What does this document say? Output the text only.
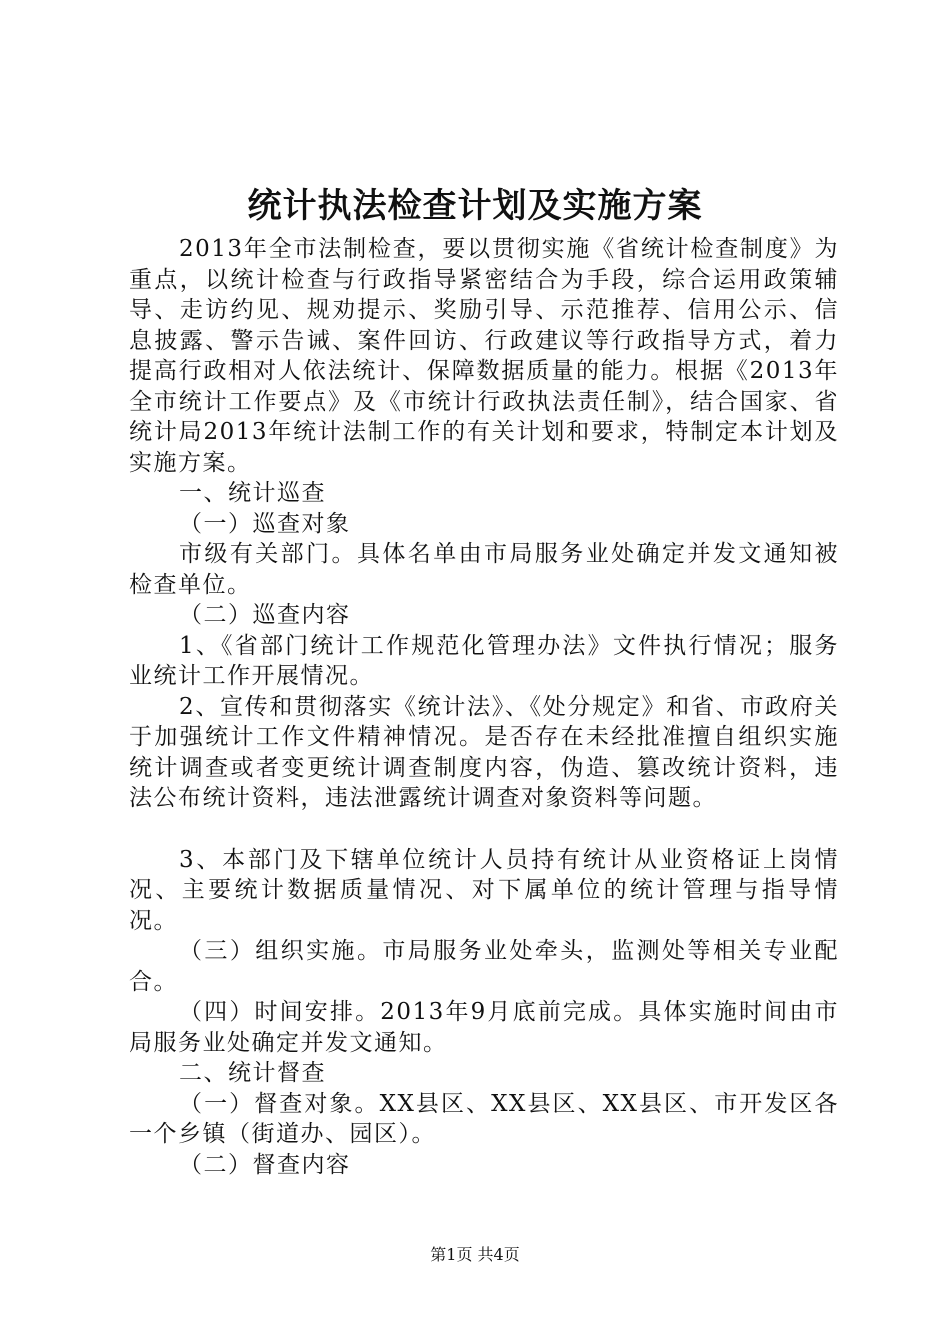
统计执法检查计划及实施方案

2013年全市法制检查，要以贯彻实施《省统计检查制度》为重点，以统计检查与行政指导紧密结合为手段，综合运用政策辅导、走访约见、规劝提示、奖励引导、示范推荐、信用公示、信息披露、警示告诫、案件回访、行政建议等行政指导方式，着力提高行政相对人依法统计、保障数据质量的能力。根据《2013年全市统计工作要点》及《市统计行政执法责任制》，结合国家、省统计局2013年统计法制工作的有关计划和要求，特制定本计划及实施方案。

一、统计巡查

（一）巡查对象

市级有关部门。具体名单由市局服务业处确定并发文通知被检查单位。

（二）巡查内容

1、《省部门统计工作规范化管理办法》文件执行情况；服务业统计工作开展情况。

2、宣传和贯彻落实《统计法》、《处分规定》和省、市政府关于加强统计工作文件精神情况。是否存在未经批准擅自组织实施统计调查或者变更统计调查制度内容，伪造、篡改统计资料，违法公布统计资料，违法泄露统计调查对象资料等问题。

3、本部门及下辖单位统计人员持有统计从业资格证上岗情况、主要统计数据质量情况、对下属单位的统计管理与指导情况。

（三）组织实施。市局服务业处牵头，监测处等相关专业配合。

（四）时间安排。2013年9月底前完成。具体实施时间由市局服务业处确定并发文通知。

二、统计督查

（一）督查对象。XX县区、XX县区、XX县区、市开发区各一个乡镇（街道办、园区）。

（二）督查内容

第1页 共4页
